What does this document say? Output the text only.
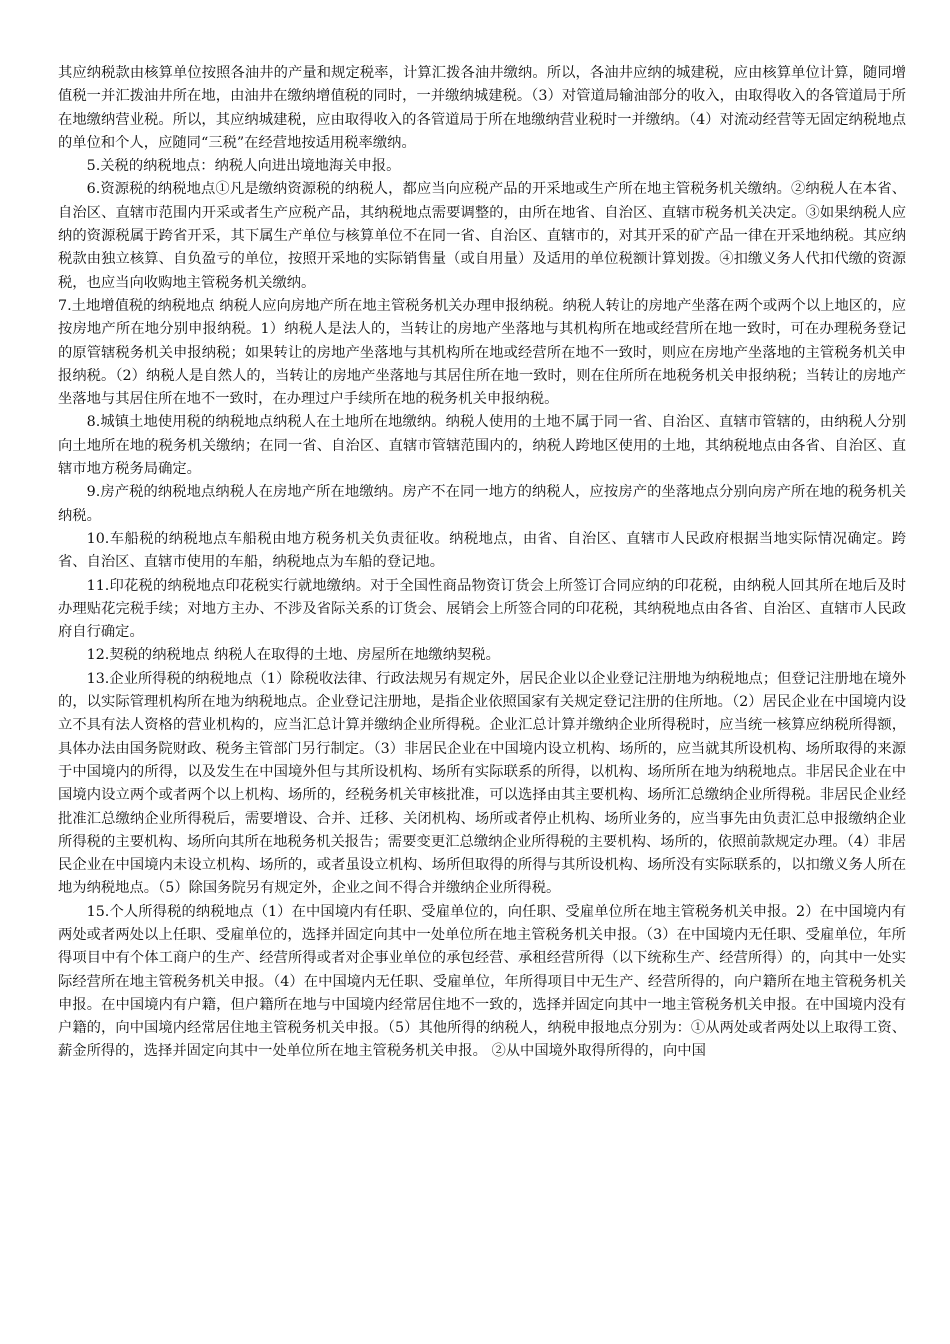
其应纳税款由核算单位按照各油井的产量和规定税率，计算汇拨各油井缴纳。所以，各油井应纳的城建税，应由核算单位计算，随同增值税一并汇拨油井所在地，由油井在缴纳增值税的同时，一并缴纳城建税。（3）对管道局输油部分的收入，由取得收入的各管道局于所在地缴纳营业税。所以，其应纳城建税，应由取得收入的各管道局于所在地缴纳营业税时一并缴纳。（4）对流动经营等无固定纳税地点的单位和个人，应随同“三税”在经营地按适用税率缴纳。

5.关税的纳税地点：纳税人向进出境地海关申报。

6.资源税的纳税地点①凡是缴纳资源税的纳税人，都应当向应税产品的开采地或生产所在地主管税务机关缴纳。②纳税人在本省、自治区、直辖市范围内开采或者生产应税产品，其纳税地点需要调整的，由所在地省、自治区、直辖市税务机关决定。③如果纳税人应纳的资源税属于跨省开采，其下属生产单位与核算单位不在同一省、自治区、直辖市的，对其开采的矿产品一律在开采地纳税。其应纳税款由独立核算、自负盈亏的单位，按照开采地的实际销售量（或自用量）及适用的单位税额计算划拨。④扣缴义务人代扣代缴的资源税，也应当向收购地主管税务机关缴纳。

7.土地增值税的纳税地点 纳税人应向房地产所在地主管税务机关办理申报纳税。纳税人转让的房地产坐落在两个或两个以上地区的，应按房地产所在地分别申报纳税。1）纳税人是法人的，当转让的房地产坐落地与其机构所在地或经营所在地一致时，可在办理税务登记的原管辖税务机关申报纳税；如果转让的房地产坐落地与其机构所在地或经营所在地不一致时，则应在房地产坐落地的主管税务机关申报纳税。（2）纳税人是自然人的，当转让的房地产坐落地与其居住所在地一致时，则在住所所在地税务机关申报纳税；当转让的房地产坐落地与其居住所在地不一致时，在办理过户手续所在地的税务机关申报纳税。

8.城镇土地使用税的纳税地点纳税人在土地所在地缴纳。纳税人使用的土地不属于同一省、自治区、直辖市管辖的，由纳税人分别向土地所在地的税务机关缴纳；在同一省、自治区、直辖市管辖范围内的，纳税人跨地区使用的土地，其纳税地点由各省、自治区、直辖市地方税务局确定。

9.房产税的纳税地点纳税人在房地产所在地缴纳。房产不在同一地方的纳税人，应按房产的坐落地点分别向房产所在地的税务机关纳税。

10.车船税的纳税地点车船税由地方税务机关负责征收。纳税地点，由省、自治区、直辖市人民政府根据当地实际情况确定。跨省、自治区、直辖市使用的车船，纳税地点为车船的登记地。

11.印花税的纳税地点印花税实行就地缴纳。对于全国性商品物资订货会上所签订合同应纳的印花税，由纳税人回其所在地后及时办理贴花完税手续；对地方主办、不涉及省际关系的订货会、展销会上所签合同的印花税，其纳税地点由各省、自治区、直辖市人民政府自行确定。

12.契税的纳税地点 纳税人在取得的土地、房屋所在地缴纳契税。

13.企业所得税的纳税地点（1）除税收法律、行政法规另有规定外，居民企业以企业登记注册地为纳税地点；但登记注册地在境外的，以实际管理机构所在地为纳税地点。企业登记注册地，是指企业依照国家有关规定登记注册的住所地。（2）居民企业在中国境内设立不具有法人资格的营业机构的，应当汇总计算并缴纳企业所得税。企业汇总计算并缴纳企业所得税时，应当统一核算应纳税所得额，具体办法由国务院财政、税务主管部门另行制定。（3）非居民企业在中国境内设立机构、场所的，应当就其所设机构、场所取得的来源于中国境内的所得，以及发生在中国境外但与其所设机构、场所有实际联系的所得，以机构、场所所在地为纳税地点。非居民企业在中国境内设立两个或者两个以上机构、场所的，经税务机关审核批准，可以选择由其主要机构、场所汇总缴纳企业所得税。非居民企业经批准汇总缴纳企业所得税后，需要增设、合并、迁移、关闭机构、场所或者停止机构、场所业务的，应当事先由负责汇总申报缴纳企业所得税的主要机构、场所向其所在地税务机关报告；需要变更汇总缴纳企业所得税的主要机构、场所的，依照前款规定办理。（4）非居民企业在中国境内未设立机构、场所的，或者虽设立机构、场所但取得的所得与其所设机构、场所没有实际联系的，以扣缴义务人所在地为纳税地点。（5）除国务院另有规定外，企业之间不得合并缴纳企业所得税。

15.个人所得税的纳税地点（1）在中国境内有任职、受雇单位的，向任职、受雇单位所在地主管税务机关申报。2）在中国境内有两处或者两处以上任职、受雇单位的，选择并固定向其中一处单位所在地主管税务机关申报。（3）在中国境内无任职、受雇单位，年所得项目中有个体工商户的生产、经营所得或者对企事业单位的承包经营、承租经营所得（以下统称生产、经营所得）的，向其中一处实际经营所在地主管税务机关申报。（4）在中国境内无任职、受雇单位，年所得项目中无生产、经营所得的，向户籍所在地主管税务机关申报。在中国境内有户籍，但户籍所在地与中国境内经常居住地不一致的，选择并固定向其中一地主管税务机关申报。在中国境内没有户籍的，向中国境内经常居住地主管税务机关申报。（5）其他所得的纳税人，纳税申报地点分别为：①从两处或者两处以上取得工资、薪金所得的，选择并固定向其中一处单位所在地主管税务机关申报。 ②从中国境外取得所得的，向中国
